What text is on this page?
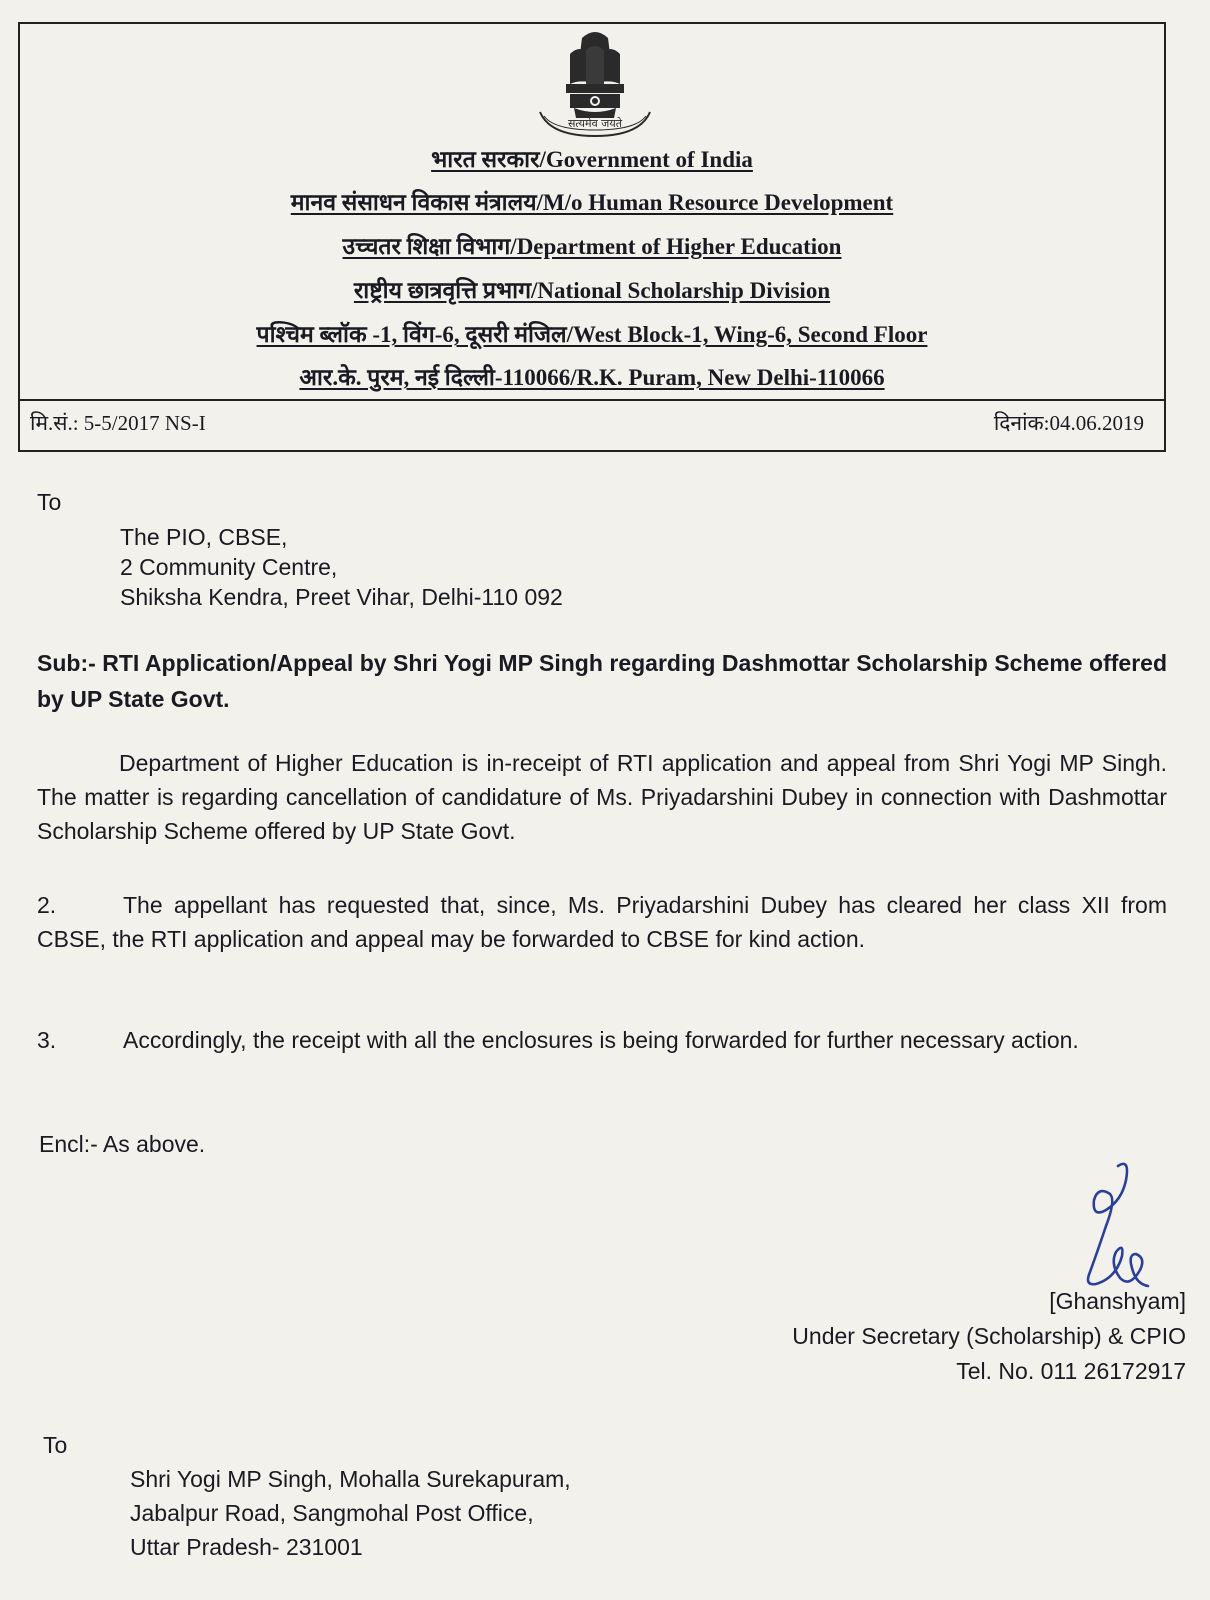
सत्यमेव जयते
भारत सरकार/Government of India
मानव संसाधन विकास मंत्रालय/M/o Human Resource Development
उच्चतर शिक्षा विभाग/Department of Higher Education
राष्ट्रीय छात्रवृत्ति प्रभाग/National Scholarship Division
पश्चिम ब्लॉक -1, विंग-6, दूसरी मंजिल/West Block-1, Wing-6, Second Floor
आर.के. पुरम, नई दिल्ली-110066/R.K. Puram, New Delhi-110066
मि.सं.: 5-5/2017 NS-I	दिनांक:04.06.2019
To
The PIO, CBSE,
2 Community Centre,
Shiksha Kendra, Preet Vihar, Delhi-110 092
Sub:- RTI Application/Appeal by Shri Yogi MP Singh regarding Dashmottar Scholarship Scheme offered by UP State Govt.
Department of Higher Education is in-receipt of RTI application and appeal from Shri Yogi MP Singh. The matter is regarding cancellation of candidature of Ms. Priyadarshini Dubey in connection with Dashmottar Scholarship Scheme offered by UP State Govt.
2.	The appellant has requested that, since, Ms. Priyadarshini Dubey has cleared her class XII from CBSE, the RTI application and appeal may be forwarded to CBSE for kind action.
3.	Accordingly, the receipt with all the enclosures is being forwarded for further necessary action.
Encl:- As above.
[Ghanshyam]
Under Secretary (Scholarship) & CPIO
Tel. No. 011 26172917
To
Shri Yogi MP Singh, Mohalla Surekapuram,
Jabalpur Road, Sangmohal Post Office,
Uttar Pradesh- 231001
